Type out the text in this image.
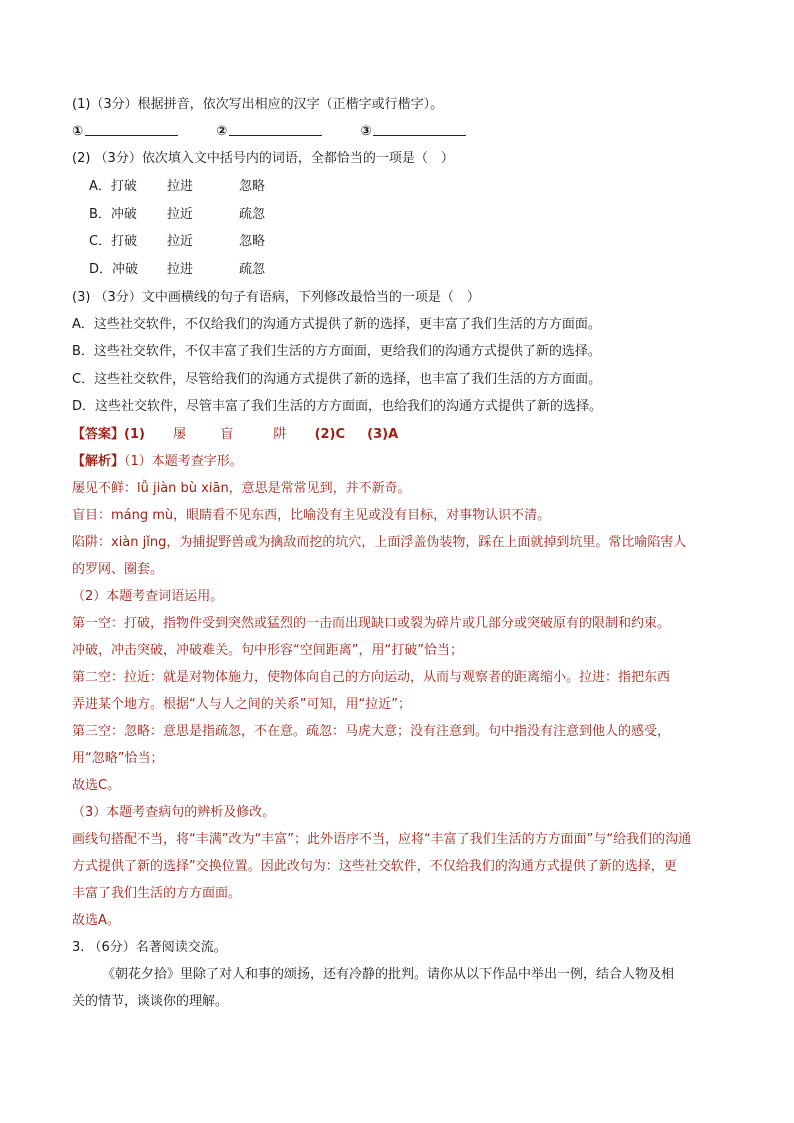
(1)（3分）根据拼音，依次写出相应的汉字（正楷字或行楷字）。
①	②	③
(2) （3分）依次填入文中括号内的词语，全都恰当的一项是（　）
A．打破 拉进	忽略
B．冲破 拉近	疏忽
C．打破 拉近	忽略
D．冲破 拉进	疏忽
(3) （3分）文中画横线的句子有语病，下列修改最恰当的一项是（　）
A．这些社交软件，不仅给我们的沟通方式提供了新的选择，更丰富了我们生活的方方面面。
B．这些社交软件，不仅丰富了我们生活的方方面面，更给我们的沟通方式提供了新的选择。
C．这些社交软件，尽管给我们的沟通方式提供了新的选择，也丰富了我们生活的方方面面。
D．这些社交软件，尽管丰富了我们生活的方方面面，也给我们的沟通方式提供了新的选择。
【答案】(1) 屡	盲	阱 (2)C (3)A
【解析】（1）本题考查字形。
屡见不鲜：lǚ jiàn bù xiān，意思是常常见到，并不新奇。
盲目：máng mù，眼睛看不见东西，比喻没有主见或没有目标，对事物认识不清。
陷阱：xiàn jǐng，为捕捉野兽或为擒敌而挖的坑穴，上面浮盖伪装物，踩在上面就掉到坑里。常比喻陷害人
的罗网、圈套。
（2）本题考查词语运用。
第一空：打破，指物件受到突然或猛烈的一击而出现缺口或裂为碎片或几部分或突破原有的限制和约束。
冲破，冲击突破，冲破难关。句中形容“空间距离”，用“打破”恰当；
第二空：拉近：就是对物体施力，使物体向自己的方向运动，从而与观察者的距离缩小。拉进：指把东西
弄进某个地方。根据“人与人之间的关系”可知，用“拉近”；
第三空：忽略：意思是指疏忽，不在意。疏忽：马虎大意；没有注意到。句中指没有注意到他人的感受，
用“忽略”恰当；
故选C。
（3）本题考查病句的辨析及修改。
画线句搭配不当，将“丰满”改为“丰富”；此外语序不当，应将“丰富了我们生活的方方面面”与“给我们的沟通
方式提供了新的选择”交换位置。因此改句为：这些社交软件，不仅给我们的沟通方式提供了新的选择，更
丰富了我们生活的方方面面。
故选A。
3. （6分）名著阅读交流。
《朝花夕拾》里除了对人和事的颂扬，还有冷静的批判。请你从以下作品中举出一例，结合人物及相
关的情节，谈谈你的理解。
